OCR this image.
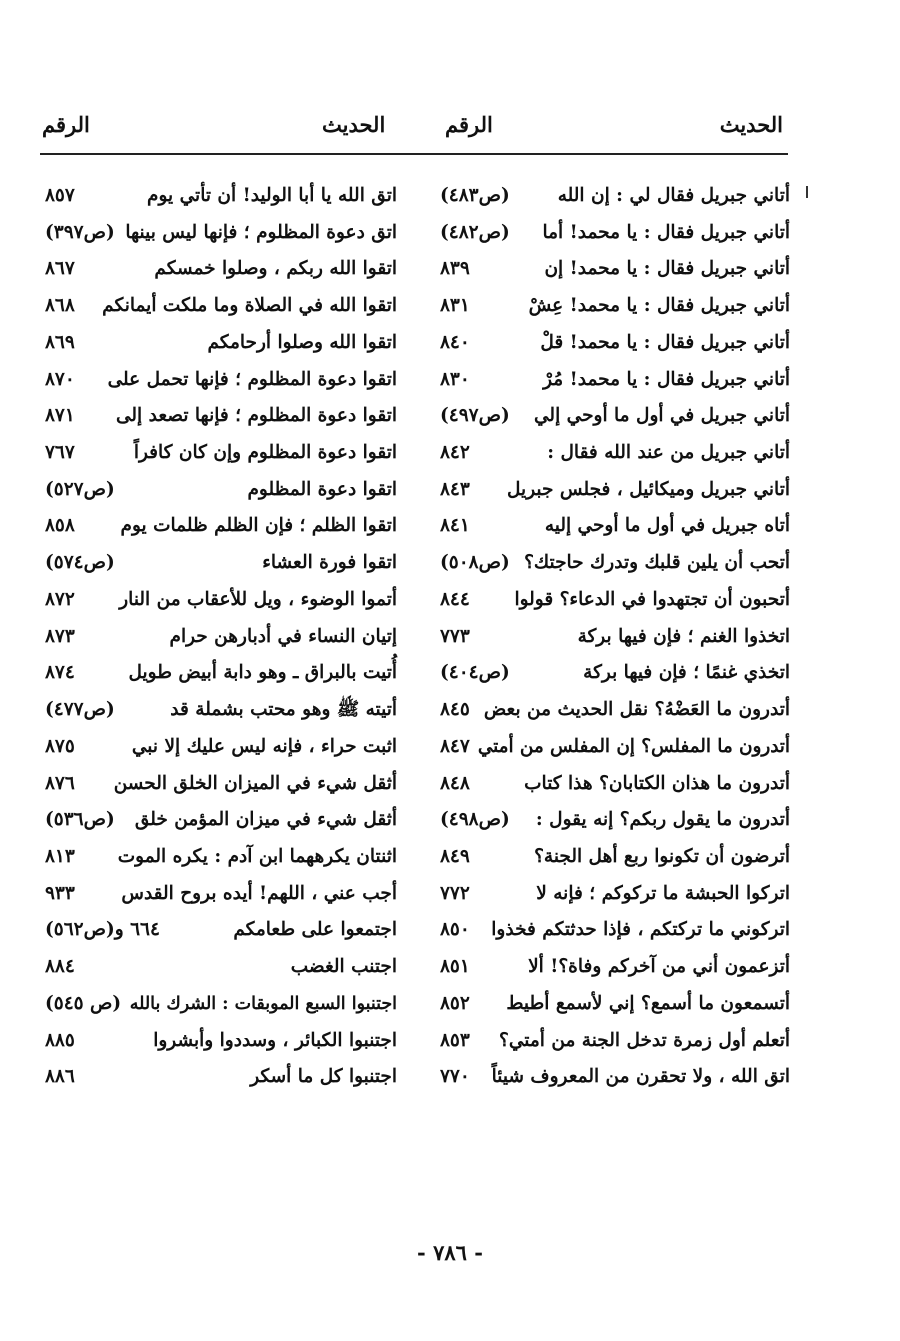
الحديث
الرقم
الحديث
الرقم
أتاني جبريل فقال لي : إن الله
(ص٤٨٣)
أتاني جبريل فقال : يا محمد! أما
(ص٤٨٢)
أتاني جبريل فقال : يا محمد! إن
٨٣٩
أتاني جبريل فقال : يا محمد! عِشْ
٨٣١
أتاني جبريل فقال : يا محمد! قلْ
٨٤٠
أتاني جبريل فقال : يا محمد! مُرْ
٨٣٠
أتاني جبريل في أول ما أوحي إلي
(ص٤٩٧)
أتاني جبريل من عند الله فقال :
٨٤٢
أتاني جبريل وميكائيل ، فجلس جبريل
٨٤٣
أتاه جبريل في أول ما أوحي إليه
٨٤١
أتحب أن يلين قلبك وتدرك حاجتك؟
(ص٥٠٨)
أتحبون أن تجتهدوا في الدعاء؟ قولوا
٨٤٤
اتخذوا الغنم ؛ فإن فيها بركة
٧٧٣
اتخذي غنمًا ؛ فإن فيها بركة
(ص٤٠٤)
أتدرون ما العَضْهُ؟ نقل الحديث من بعض
٨٤٥
أتدرون ما المفلس؟ إن المفلس من أمتي
٨٤٧
أتدرون ما هذان الكتابان؟ هذا كتاب
٨٤٨
أتدرون ما يقول ربكم؟ إنه يقول :
(ص٤٩٨)
أترضون أن تكونوا ربع أهل الجنة؟
٨٤٩
اتركوا الحبشة ما تركوكم ؛ فإنه لا
٧٧٢
اتركوني ما تركتكم ، فإذا حدثتكم فخذوا
٨٥٠
أتزعمون أني من آخركم وفاة؟! ألا
٨٥١
أتسمعون ما أسمع؟ إني لأسمع أطيط
٨٥٢
أتعلم أول زمرة تدخل الجنة من أمتي؟
٨٥٣
اتق الله ، ولا تحقرن من المعروف شيئاً
٧٧٠
اتق الله يا أبا الوليد! أن تأتي يوم
٨٥٧
اتق دعوة المظلوم ؛ فإنها ليس بينها
(ص٣٩٧)
اتقوا الله ربكم ، وصلوا خمسكم
٨٦٧
اتقوا الله في الصلاة وما ملكت أيمانكم
٨٦٨
اتقوا الله وصلوا أرحامكم
٨٦٩
اتقوا دعوة المظلوم ؛ فإنها تحمل على
٨٧٠
اتقوا دعوة المظلوم ؛ فإنها تصعد إلى
٨٧١
اتقوا دعوة المظلوم وإن كان كافراً
٧٦٧
اتقوا دعوة المظلوم
(ص٥٢٧)
اتقوا الظلم ؛ فإن الظلم ظلمات يوم
٨٥٨
اتقوا فورة العشاء
(ص٥٧٤)
أتموا الوضوء ، ويل للأعقاب من النار
٨٧٢
إتيان النساء في أدبارهن حرام
٨٧٣
أُتيت بالبراق ـ وهو دابة أبيض طويل
٨٧٤
أتيته ﷺ وهو محتب بشملة قد
(ص٤٧٧)
اثبت حراء ، فإنه ليس عليك إلا نبي
٨٧٥
أثقل شيء في الميزان الخلق الحسن
٨٧٦
أثقل شيء في ميزان المؤمن خلق
(ص٥٣٦)
اثنتان يكرههما ابن آدم : يكره الموت
٨١٣
أجب عني ، اللهم! أيده بروح القدس
٩٣٣
اجتمعوا على طعامكم
٦٦٤ و(ص٥٦٢)
اجتنب الغضب
٨٨٤
اجتنبوا السبع الموبقات : الشرك بالله
(ص ٥٤٥)
اجتنبوا الكبائر ، وسددوا وأبشروا
٨٨٥
اجتنبوا كل ما أسكر
٨٨٦
- ٧٨٦ -
